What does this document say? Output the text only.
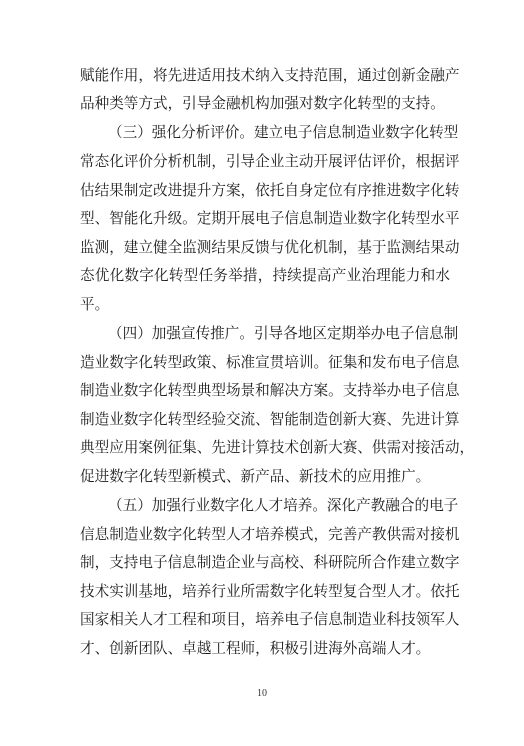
赋能作用，将先进适用技术纳入支持范围，通过创新金融产
品种类等方式，引导金融机构加强对数字化转型的支持。
（三）强化分析评价。建立电子信息制造业数字化转型
常态化评价分析机制，引导企业主动开展评估评价，根据评
估结果制定改进提升方案，依托自身定位有序推进数字化转
型、智能化升级。定期开展电子信息制造业数字化转型水平
监测，建立健全监测结果反馈与优化机制，基于监测结果动
态优化数字化转型任务举措，持续提高产业治理能力和水
平。
（四）加强宣传推广。引导各地区定期举办电子信息制
造业数字化转型政策、标准宣贯培训。征集和发布电子信息
制造业数字化转型典型场景和解决方案。支持举办电子信息
制造业数字化转型经验交流、智能制造创新大赛、先进计算
典型应用案例征集、先进计算技术创新大赛、供需对接活动，
促进数字化转型新模式、新产品、新技术的应用推广。
（五）加强行业数字化人才培养。深化产教融合的电子
信息制造业数字化转型人才培养模式，完善产教供需对接机
制，支持电子信息制造企业与高校、科研院所合作建立数字
技术实训基地，培养行业所需数字化转型复合型人才。依托
国家相关人才工程和项目，培养电子信息制造业科技领军人
才、创新团队、卓越工程师，积极引进海外高端人才。
10
